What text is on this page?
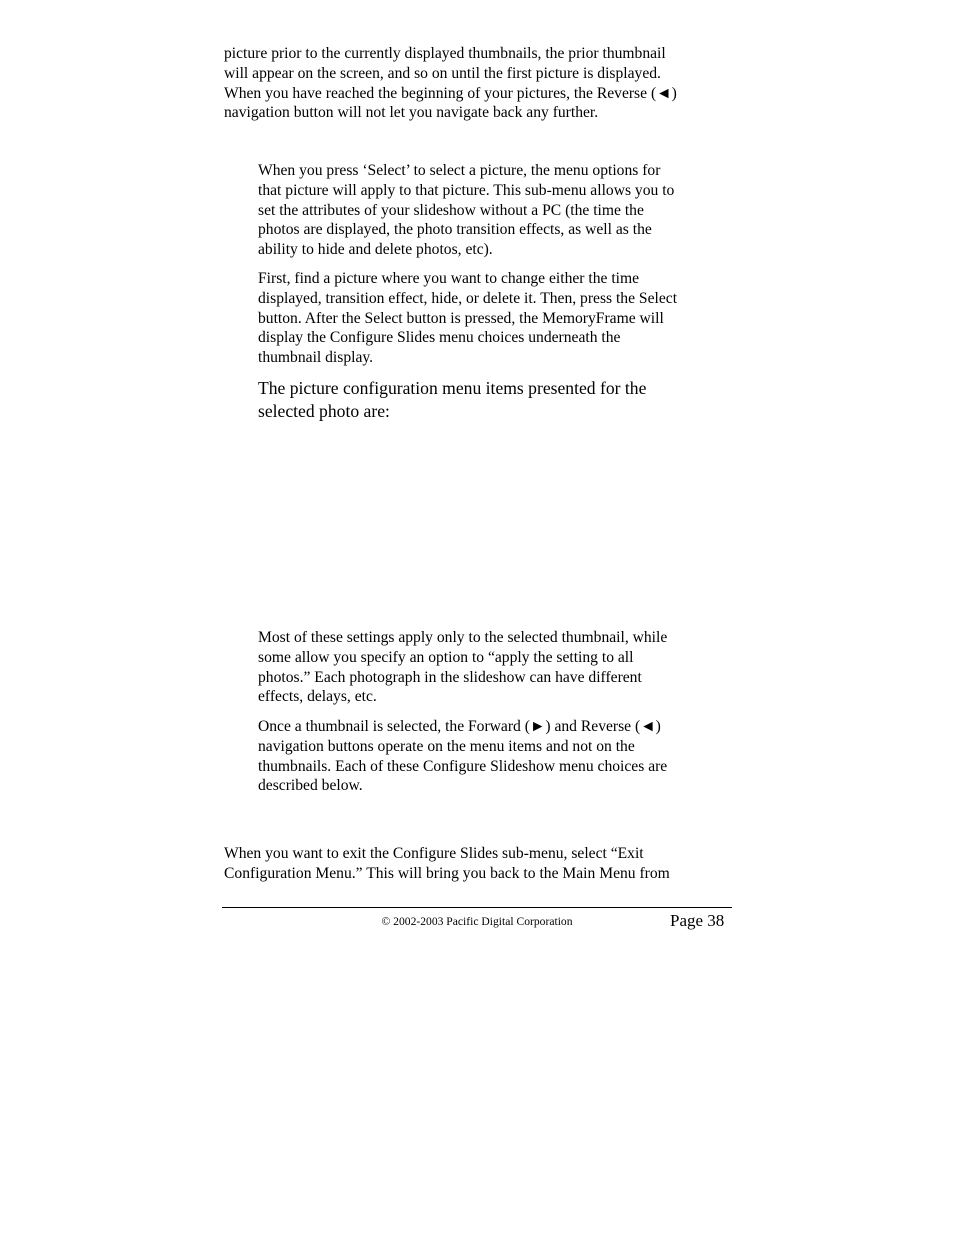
picture prior to the currently displayed thumbnails, the prior thumbnail
will appear on the screen, and so on until the first picture is displayed.
When you have reached the beginning of your pictures, the Reverse (◄)
navigation button will not let you navigate back any further.

When you press ‘Select’ to select a picture, the menu options for
that picture will apply to that picture. This sub-menu allows you to
set the attributes of your slideshow without a PC (the time the
photos are displayed, the photo transition effects, as well as the
ability to hide and delete photos, etc).

First, find a picture where you want to change either the time
displayed, transition effect, hide, or delete it. Then, press the Select
button. After the Select button is pressed, the MemoryFrame will
display the Configure Slides menu choices underneath the
thumbnail display.

The picture configuration menu items presented for the
selected photo are:

Most of these settings apply only to the selected thumbnail, while
some allow you specify an option to “apply the setting to all
photos.” Each photograph in the slideshow can have different
effects, delays, etc.

Once a thumbnail is selected, the Forward (►) and Reverse (◄)
navigation buttons operate on the menu items and not on the
thumbnails. Each of these Configure Slideshow menu choices are
described below.

When you want to exit the Configure Slides sub-menu, select “Exit
Configuration Menu.” This will bring you back to the Main Menu from

© 2002-2003 Pacific Digital Corporation	Page 38
